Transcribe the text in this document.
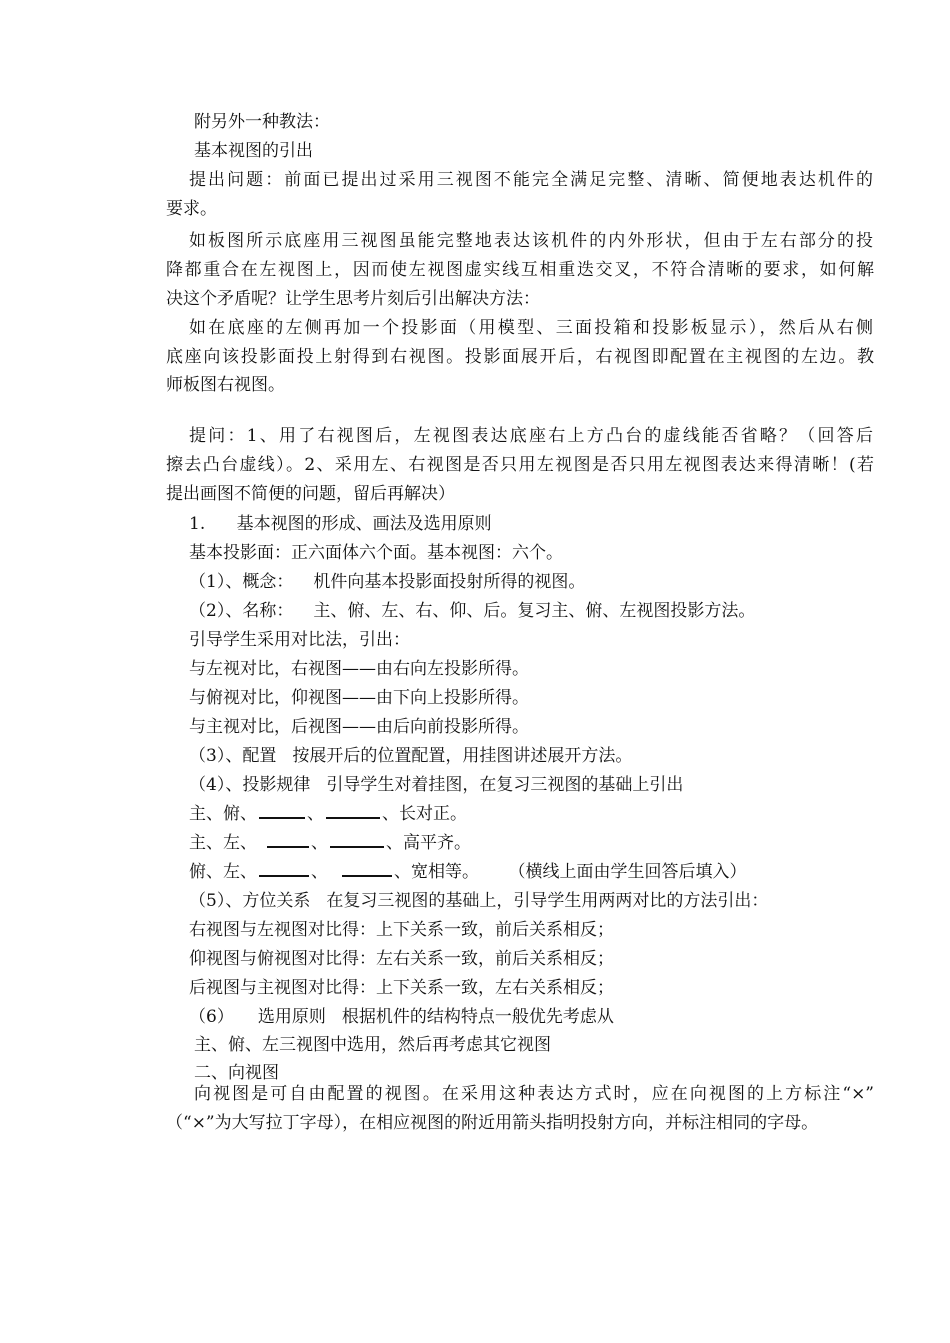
附另外一种教法：
基本视图的引出
提出问题：前面已提出过采用三视图不能完全满足完整、清晰、简便地表达机件的
要求。
如板图所示底座用三视图虽能完整地表达该机件的内外形状，但由于左右部分的投
降都重合在左视图上，因而使左视图虚实线互相重迭交叉，不符合清晰的要求，如何解
决这个矛盾呢？让学生思考片刻后引出解决方法：
如在底座的左侧再加一个投影面（用模型、三面投箱和投影板显示），然后从右侧
底座向该投影面投上射得到右视图。投影面展开后，右视图即配置在主视图的左边。教
师板图右视图。
提问：1、用了右视图后，左视图表达底座右上方凸台的虚线能否省略？（回答后
擦去凸台虚线）。2、采用左、右视图是否只用左视图是否只用左视图表达来得清晰！(若
提出画图不简便的问题，留后再解决）
1. 基本视图的形成、画法及选用原则
基本投影面：正六面体六个面。基本视图：六个。
（1）、概念： 机件向基本投影面投射所得的视图。
（2）、名称： 主、俯、左、右、仰、后。复习主、俯、左视图投影方法。
引导学生采用对比法，引出：
与左视对比，右视图——由右向左投影所得。
与俯视对比，仰视图——由下向上投影所得。
与主视对比，后视图——由后向前投影所得。
（3）、配置 按展开后的位置配置，用挂图讲述展开方法。
（4）、投影规律 引导学生对着挂图，在复习三视图的基础上引出
主、俯、	、	、长对正。
主、左、	、	、高平齐。
俯、左、	、	、宽相等。 （横线上面由学生回答后填入）
（5）、方位关系 在复习三视图的基础上，引导学生用两两对比的方法引出：
右视图与左视图对比得：上下关系一致，前后关系相反；
仰视图与俯视图对比得：左右关系一致，前后关系相反；
后视图与主视图对比得：上下关系一致，左右关系相反；
（6） 选用原则 根据机件的结构特点一般优先考虑从
主、俯、左三视图中选用，然后再考虑其它视图
二、向视图
向视图是可自由配置的视图。在采用这种表达方式时，应在向视图的上方标注“×”
（“×”为大写拉丁字母），在相应视图的附近用箭头指明投射方向，并标注相同的字母。
